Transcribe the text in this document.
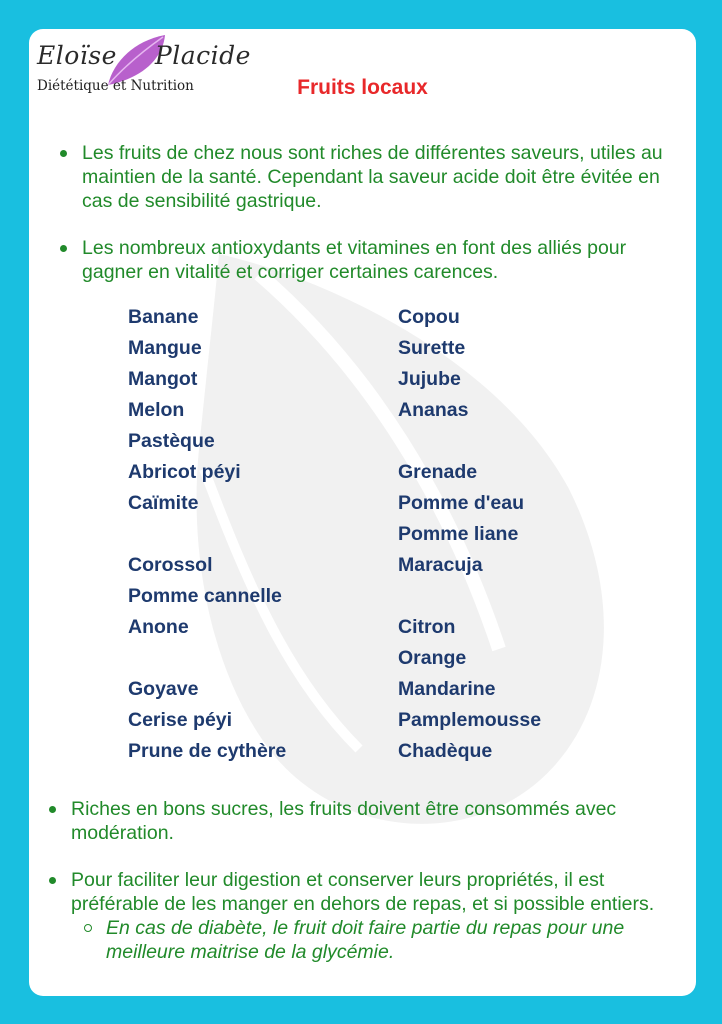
Eloïse Placide
Diététique et Nutrition	Fruits locaux
Les fruits de chez nous sont riches de différentes saveurs, utiles au maintien de la santé. Cependant la saveur acide doit être évitée en cas de sensibilité gastrique.
Les nombreux antioxydants et vitamines en font des alliés pour gagner en vitalité et corriger certaines carences.
Banane
Mangue
Mangot
Melon
Pastèque
Abricot péyi
Caïmite
Corossol
Pomme cannelle
Anone
Goyave
Cerise péyi
Prune de cythère
Copou
Surette
Jujube
Ananas
Grenade
Pomme d'eau
Pomme liane
Maracuja
Citron
Orange
Mandarine
Pamplemousse
Chadèque
Riches en bons sucres, les fruits doivent être consommés avec modération.
Pour faciliter leur digestion et conserver leurs propriétés, il est préférable de les manger en dehors de repas, et si possible entiers.
En cas de diabète, le fruit doit faire partie du repas pour une meilleure maitrise de la glycémie.
